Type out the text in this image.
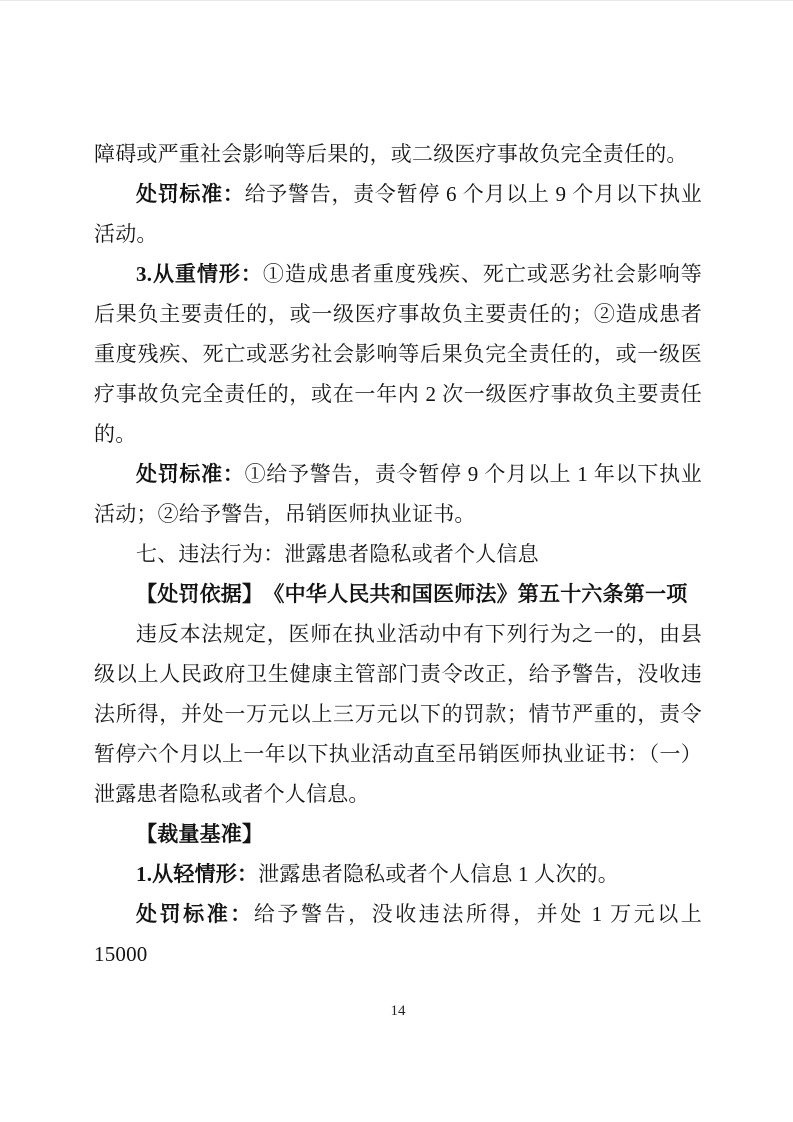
障碍或严重社会影响等后果的，或二级医疗事故负完全责任的。

处罚标准：给予警告，责令暂停 6 个月以上 9 个月以下执业活动。

3.从重情形：①造成患者重度残疾、死亡或恶劣社会影响等后果负主要责任的，或一级医疗事故负主要责任的；②造成患者重度残疾、死亡或恶劣社会影响等后果负完全责任的，或一级医疗事故负完全责任的，或在一年内 2 次一级医疗事故负主要责任的。

处罚标准：①给予警告，责令暂停 9 个月以上 1 年以下执业活动；②给予警告，吊销医师执业证书。

七、违法行为：泄露患者隐私或者个人信息

【处罚依据】　《中华人民共和国医师法》第五十六条第一项

违反本法规定，医师在执业活动中有下列行为之一的，由县级以上人民政府卫生健康主管部门责令改正，给予警告，没收违法所得，并处一万元以上三万元以下的罚款；情节严重的，责令暂停六个月以上一年以下执业活动直至吊销医师执业证书：（一）泄露患者隐私或者个人信息。

【裁量基准】

1.从轻情形：泄露患者隐私或者个人信息 1 人次的。

处罚标准：给予警告，没收违法所得，并处 1 万元以上 15000

14
